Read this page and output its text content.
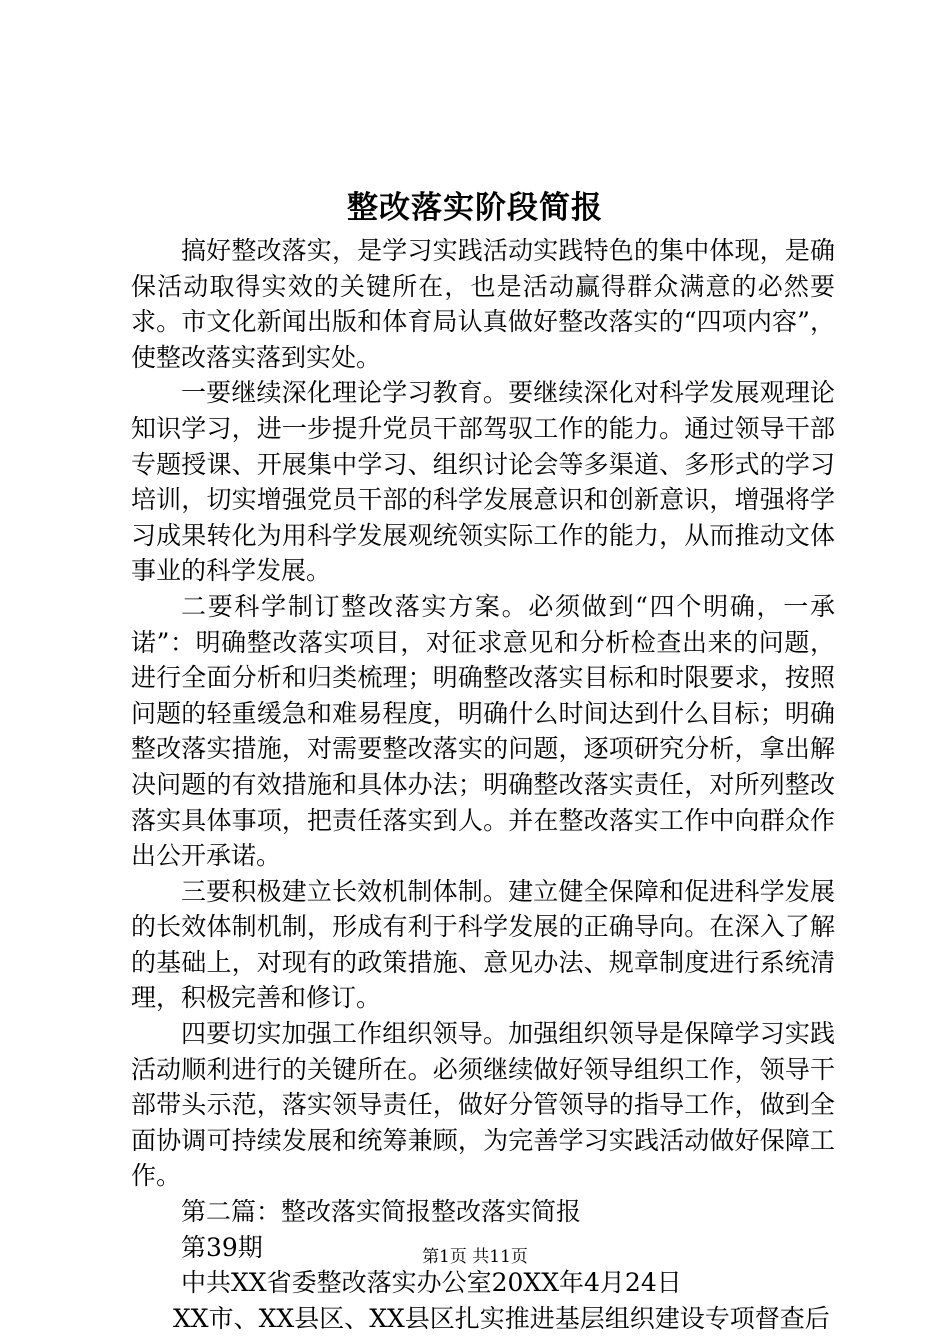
整改落实阶段简报

搞好整改落实，是学习实践活动实践特色的集中体现，是确保活动取得实效的关键所在，也是活动赢得群众满意的必然要求。市文化新闻出版和体育局认真做好整改落实的“四项内容”，使整改落实落到实处。

一要继续深化理论学习教育。要继续深化对科学发展观理论知识学习，进一步提升党员干部驾驭工作的能力。通过领导干部专题授课、开展集中学习、组织讨论会等多渠道、多形式的学习培训，切实增强党员干部的科学发展意识和创新意识，增强将学习成果转化为用科学发展观统领实际工作的能力，从而推动文体事业的科学发展。

二要科学制订整改落实方案。必须做到“四个明确，一承诺”：明确整改落实项目，对征求意见和分析检查出来的问题，进行全面分析和归类梳理；明确整改落实目标和时限要求，按照问题的轻重缓急和难易程度，明确什么时间达到什么目标；明确整改落实措施，对需要整改落实的问题，逐项研究分析，拿出解决问题的有效措施和具体办法；明确整改落实责任，对所列整改落实具体事项，把责任落实到人。并在整改落实工作中向群众作出公开承诺。

三要积极建立长效机制体制。建立健全保障和促进科学发展的长效体制机制，形成有利于科学发展的正确导向。在深入了解的基础上，对现有的政策措施、意见办法、规章制度进行系统清理，积极完善和修订。

四要切实加强工作组织领导。加强组织领导是保障学习实践活动顺利进行的关键所在。必须继续做好领导组织工作，领导干部带头示范，落实领导责任，做好分管领导的指导工作，做到全面协调可持续发展和统筹兼顾，为完善学习实践活动做好保障工作。

第二篇：整改落实简报整改落实简报

第39期

中共XX省委整改落实办公室20XX年4月24日

XX市、XX县区、XX县区扎实推进基层组织建设专项督查后

第1页 共11页
